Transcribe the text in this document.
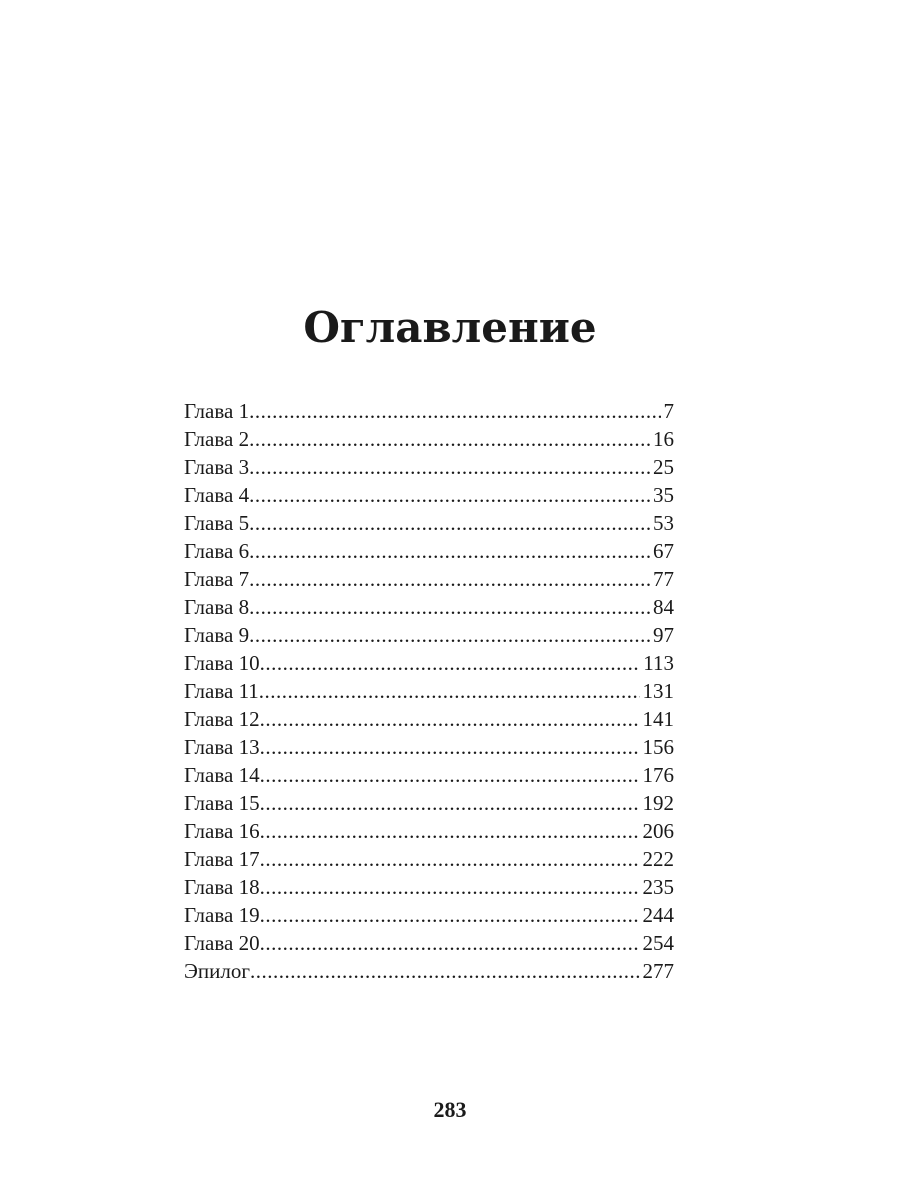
Оглавление
Глава 1 .....	7
Глава 2 .....	16
Глава 3 .....	25
Глава 4 .....	35
Глава 5 .....	53
Глава 6 .....	67
Глава 7 .....	77
Глава 8 .....	84
Глава 9 .....	97
Глава 10 .....	113
Глава 11 .....	131
Глава 12 .....	141
Глава 13 .....	156
Глава 14 .....	176
Глава 15 .....	192
Глава 16 .....	206
Глава 17 .....	222
Глава 18 .....	235
Глава 19 .....	244
Глава 20 .....	254
Эпилог .....	277
283
